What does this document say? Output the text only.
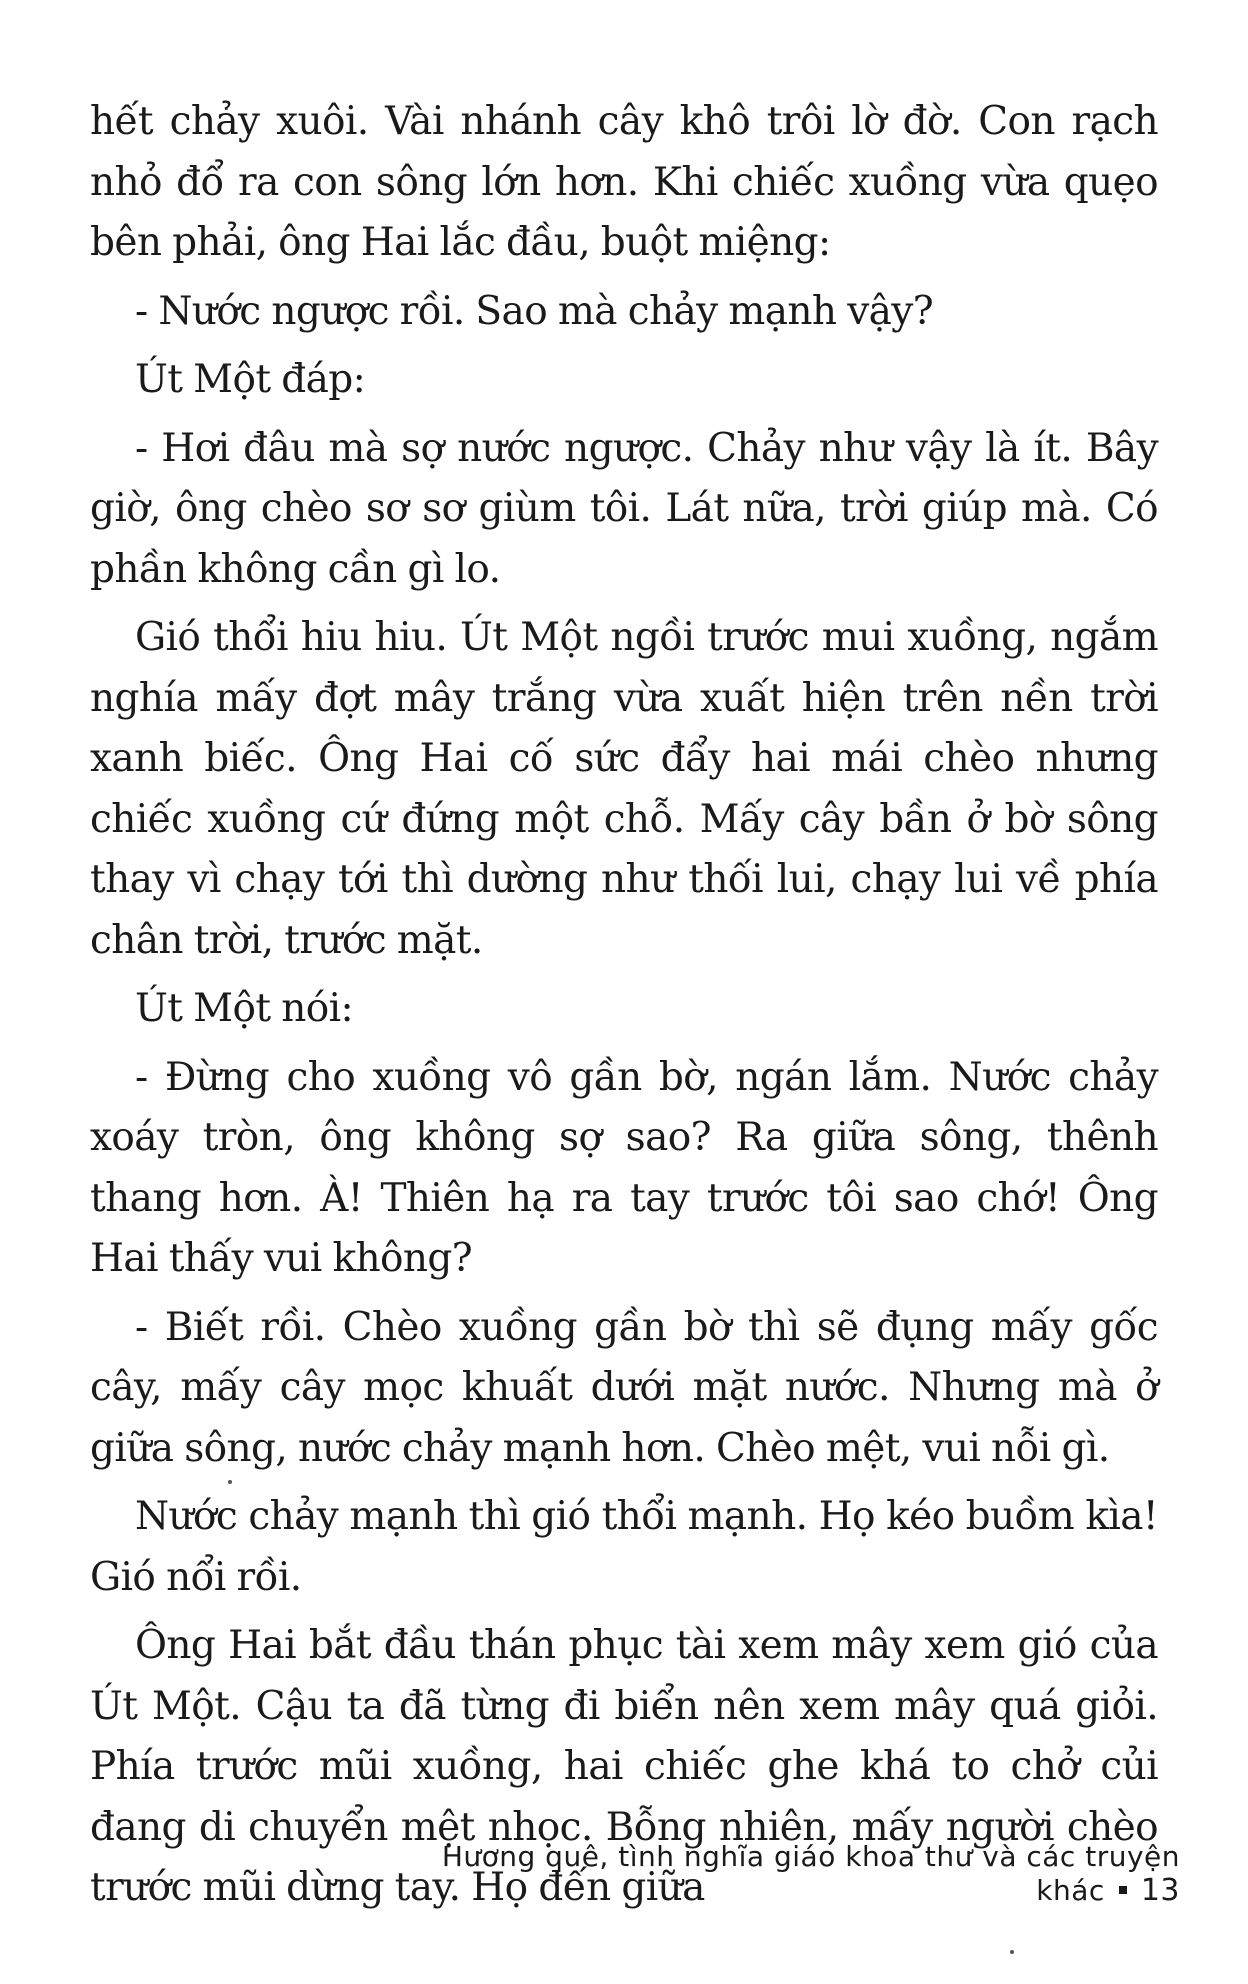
hết chảy xuôi. Vài nhánh cây khô trôi lờ đờ. Con rạch nhỏ đổ ra con sông lớn hơn. Khi chiếc xuồng vừa quẹo bên phải, ông Hai lắc đầu, buột miệng:

- Nước ngược rồi. Sao mà chảy mạnh vậy?

Út Một đáp:

- Hơi đâu mà sợ nước ngược. Chảy như vậy là ít. Bây giờ, ông chèo sơ sơ giùm tôi. Lát nữa, trời giúp mà. Có phần không cần gì lo.

Gió thổi hiu hiu. Út Một ngồi trước mui xuồng, ngắm nghía mấy đợt mây trắng vừa xuất hiện trên nền trời xanh biếc. Ông Hai cố sức đẩy hai mái chèo nhưng chiếc xuồng cứ đứng một chỗ. Mấy cây bần ở bờ sông thay vì chạy tới thì dường như thối lui, chạy lui về phía chân trời, trước mặt.

Út Một nói:

- Đừng cho xuồng vô gần bờ, ngán lắm. Nước chảy xoáy tròn, ông không sợ sao? Ra giữa sông, thênh thang hơn. À! Thiên hạ ra tay trước tôi sao chớ! Ông Hai thấy vui không?

- Biết rồi. Chèo xuồng gần bờ thì sẽ đụng mấy gốc cây, mấy cây mọc khuất dưới mặt nước. Nhưng mà ở giữa sông, nước chảy mạnh hơn. Chèo mệt, vui nỗi gì.

Nước chảy mạnh thì gió thổi mạnh. Họ kéo buồm kìa! Gió nổi rồi.

Ông Hai bắt đầu thán phục tài xem mây xem gió của Út Một. Cậu ta đã từng đi biển nên xem mây quá giỏi. Phía trước mũi xuồng, hai chiếc ghe khá to chở củi đang di chuyển mệt nhọc. Bỗng nhiên, mấy người chèo trước mũi dừng tay. Họ đến giữa

Hương quê, tình nghĩa giáo khoa thư và các truyện khác 13
